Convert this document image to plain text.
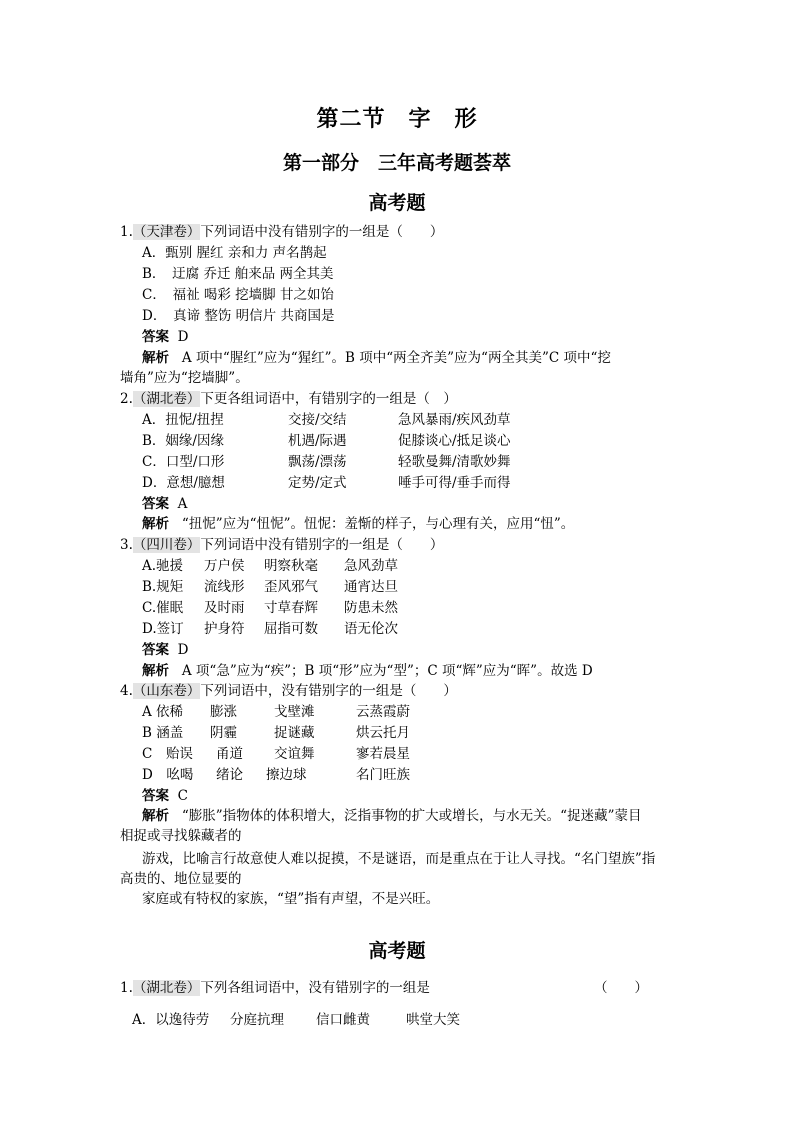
第二节　字　形
第一部分　三年高考题荟萃
高考题
1.（天津卷）下列词语中没有错别字的一组是（　　）
A．甄别 腥红 亲和力 声名鹊起
B．　迂腐 乔迁 舶来品 两全其美
C．　福祉 喝彩 挖墙脚 甘之如饴
D．　真谛 整饬 明信片 共商国是
答案 D
解析 A 项中“腥红”应为“猩红”。B 项中“两全齐美”应为“两全其美”C 项中“挖
墙角”应为“挖墙脚”。
2.（湖北卷）下更各组词语中，有错别字的一组是（　）
A．扭怩/扭捏	交接/交结	急风暴雨/疾风劲草
B．姻缘/因缘	机遇/际遇	促膝谈心/抵足谈心
C．口型/口形	飘荡/漂荡	轻歌曼舞/清歌妙舞
D．意想/臆想	定势/定式	唾手可得/垂手而得
答案 A
解析 “扭怩”应为“忸怩”。忸怩：羞惭的样子，与心理有关，应用“忸”。
3.（四川卷）下列词语中没有错别字的一组是（　　）
A.驰援 万户侯 明察秋毫 急风劲草
B.规矩 流线形 歪风邪气 通宵达旦
C.催眠 及时雨 寸草春辉 防患未然
D.签订 护身符 屈指可数 语无伦次
答案 D
解析 A 项“急”应为“疾”；B 项“形”应为“型”；C 项“辉”应为“晖”。故选 D
4.（山东卷）下列词语中，没有错别字的一组是（　　）
A 依稀 膨涨	戈壁滩	云蒸霞蔚
B 涵盖 阴霾	捉谜藏	烘云托月
C　贻误 甬道 交谊舞	寥若晨星
D　吆喝 绪论 擦边球	名门旺族
答案 C
解析 “膨胀”指物体的体积增大，泛指事物的扩大或增长，与水无关。“捉迷藏”蒙目
相捉或寻找躲藏者的
游戏，比喻言行故意使人难以捉摸，不是谜语，而是重点在于让人寻找。“名门望族”指
高贵的、地位显要的
家庭或有特权的家族，“望”指有声望，不是兴旺。
高考题
1.（湖北卷）下列各组词语中，没有错别字的一组是	（　　）
A．以逸待劳 分庭抗理 信口雌黄	哄堂大笑
